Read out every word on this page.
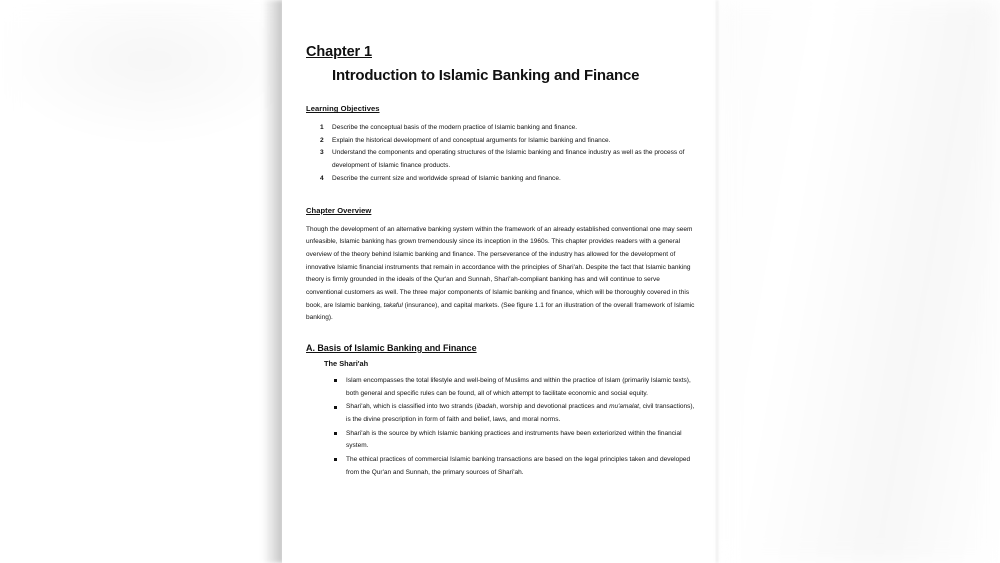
Chapter 1
Introduction to Islamic Banking and Finance
Learning Objectives
1 Describe the conceptual basis of the modern practice of Islamic banking and finance.
2 Explain the historical development of and conceptual arguments for Islamic banking and finance.
3 Understand the components and operating structures of the Islamic banking and finance industry as well as the process of development of Islamic finance products.
4 Describe the current size and worldwide spread of Islamic banking and finance.
Chapter Overview

Though the development of an alternative banking system within the framework of an already established conventional one may seem unfeasible, Islamic banking has grown tremendously since its inception in the 1960s. This chapter provides readers with a general overview of the theory behind Islamic banking and finance. The perseverance of the industry has allowed for the development of innovative Islamic financial instruments that remain in accordance with the principles of Shari'ah. Despite the fact that Islamic banking theory is firmly grounded in the ideals of the Qur'an and Sunnah, Shari'ah-compliant banking has and will continue to serve conventional customers as well. The three major components of Islamic banking and finance, which will be thoroughly covered in this book, are Islamic banking, takaful (insurance), and capital markets. (See figure 1.1 for an illustration of the overall framework of Islamic banking).

A. Basis of Islamic Banking and Finance
The Shari'ah
Islam encompasses the total lifestyle and well-being of Muslims and within the practice of Islam (primarily Islamic texts), both general and specific rules can be found, all of which attempt to facilitate economic and social equity.
Shari'ah, which is classified into two strands (ibadah, worship and devotional practices and mu'amalat, civil transactions), is the divine prescription in form of faith and belief, laws, and moral norms.
Shari'ah is the source by which Islamic banking practices and instruments have been exteriorized within the financial system.
The ethical practices of commercial Islamic banking transactions are based on the legal principles taken and developed from the Qur'an and Sunnah, the primary sources of Shari'ah.
